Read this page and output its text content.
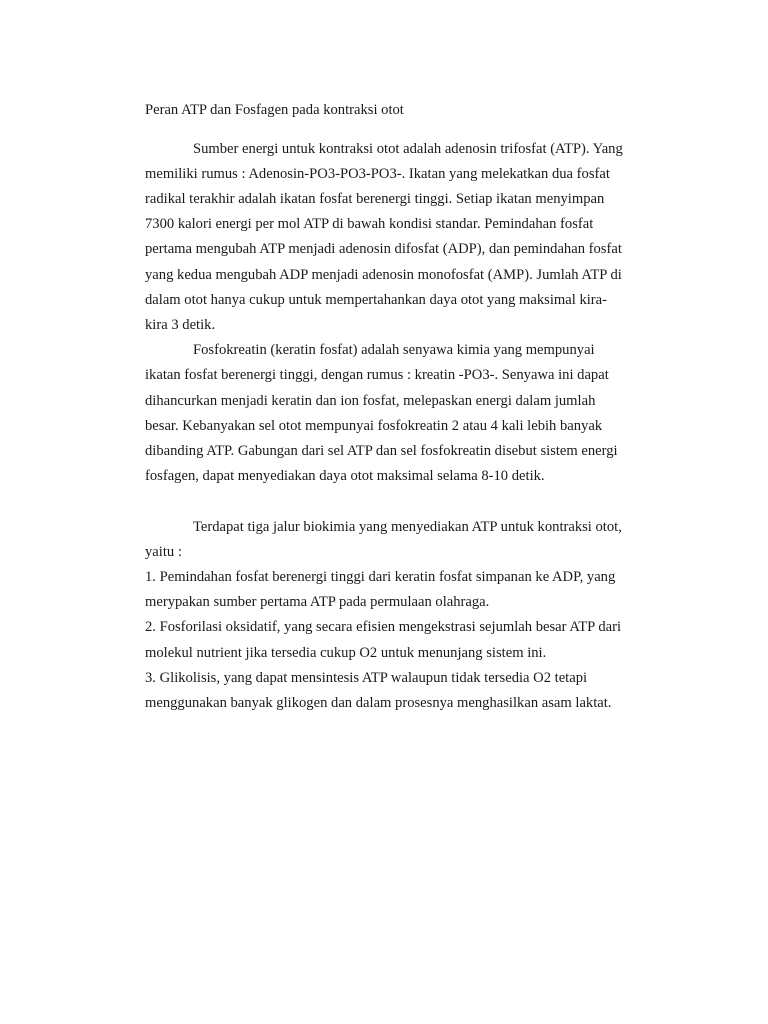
Peran ATP dan Fosfagen pada kontraksi otot
Sumber energi untuk kontraksi otot adalah adenosin trifosfat (ATP). Yang
memiliki rumus : Adenosin-PO3-PO3-PO3-. Ikatan yang melekatkan dua fosfat
radikal terakhir adalah ikatan fosfat berenergi tinggi. Setiap ikatan menyimpan
7300 kalori energi per mol ATP di bawah kondisi standar. Pemindahan fosfat
pertama mengubah ATP menjadi adenosin difosfat (ADP), dan pemindahan fosfat
yang kedua mengubah ADP menjadi adenosin monofosfat (AMP). Jumlah ATP di
dalam otot hanya cukup untuk mempertahankan daya otot yang maksimal kira-
kira 3 detik.
Fosfokreatin (keratin fosfat) adalah senyawa kimia yang mempunyai
ikatan fosfat berenergi tinggi, dengan rumus : kreatin -PO3-. Senyawa ini dapat
dihancurkan menjadi keratin dan ion fosfat, melepaskan energi dalam jumlah
besar. Kebanyakan sel otot mempunyai fosfokreatin 2 atau 4 kali lebih banyak
dibanding ATP. Gabungan dari sel ATP dan sel fosfokreatin disebut sistem energi
fosfagen, dapat menyediakan daya otot maksimal selama 8-10 detik.
Terdapat tiga jalur biokimia yang menyediakan ATP untuk kontraksi otot,
yaitu :
1. Pemindahan fosfat berenergi tinggi dari keratin fosfat simpanan ke ADP, yang
merypakan sumber pertama ATP pada permulaan olahraga.
2. Fosforilasi oksidatif, yang secara efisien mengekstrasi sejumlah besar ATP dari
molekul nutrient jika tersedia cukup O2 untuk menunjang sistem ini.
3. Glikolisis, yang dapat mensintesis ATP walaupun tidak tersedia O2 tetapi
menggunakan banyak glikogen dan dalam prosesnya menghasilkan asam laktat.
